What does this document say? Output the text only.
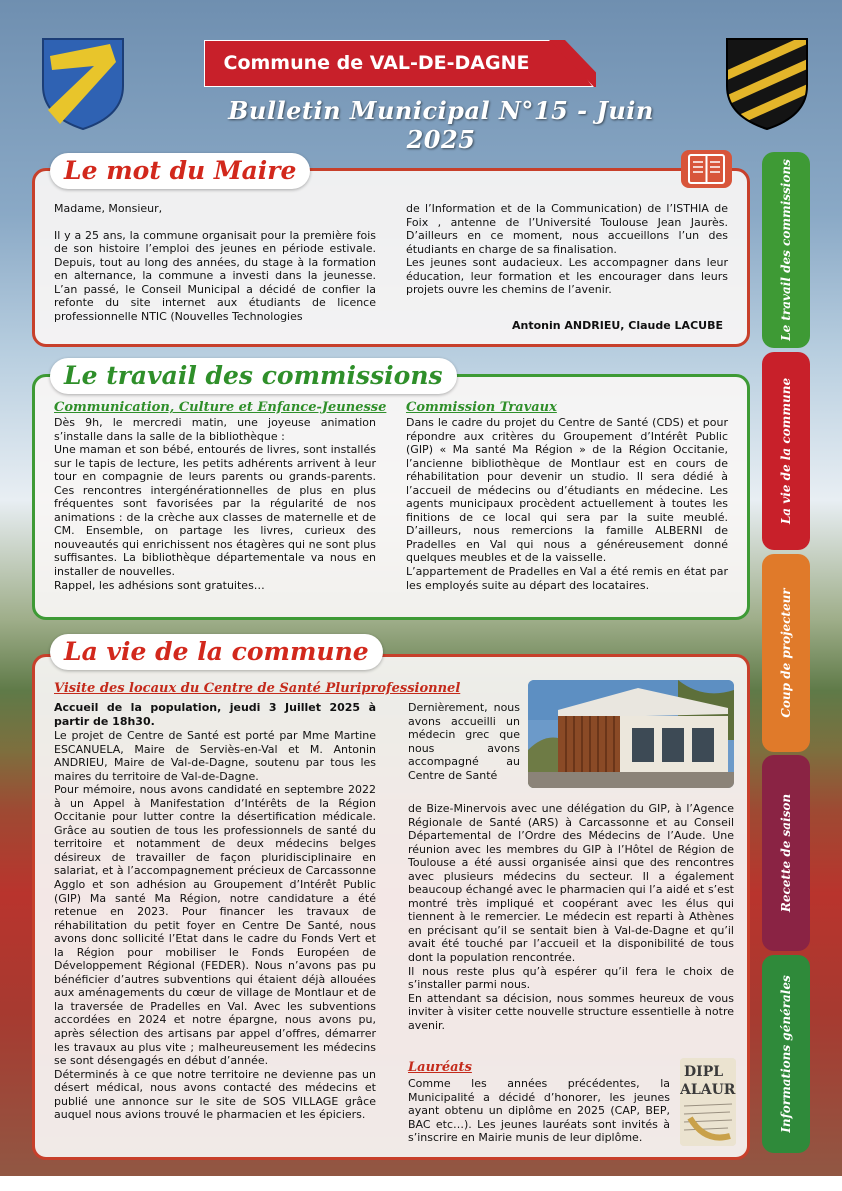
Commune de VAL-DE-DAGNE
Bulletin Municipal N°15 - Juin 2025
Le mot du Maire

Madame, Monsieur,

Il y a 25 ans, la commune organisait pour la première fois de son histoire l’emploi des jeunes en période estivale. Depuis, tout au long des années, du stage à la formation en alternance, la commune a investi dans la jeunesse. L’an passé, le Conseil Municipal a décidé de confier la refonte du site internet aux étudiants de licence professionnelle NTIC (Nouvelles Technologies

de l’Information et de la Communication) de l’ISTHIA de Foix , antenne de l’Université Toulouse Jean Jaurès. D’ailleurs en ce moment, nous accueillons l’un des étudiants en charge de sa finalisation.

Les jeunes sont audacieux. Les accompagner dans leur éducation, leur formation et les encourager dans leurs projets ouvre les chemins de l’avenir.

Antonin ANDRIEU, Claude LACUBE
Le travail des commissions
Communication, Culture et Enfance-Jeunesse

Dès 9h, le mercredi matin, une joyeuse animation s’installe dans la salle de la bibliothèque :

Une maman et son bébé, entourés de livres, sont installés sur le tapis de lecture, les petits adhérents arrivent à leur tour en compagnie de leurs parents ou grands-parents. Ces rencontres intergénérationnelles de plus en plus fréquentes sont favorisées par la régularité de nos animations : de la crèche aux classes de maternelle et de CM. Ensemble, on partage les livres, curieux des nouveautés qui enrichissent nos étagères qui ne sont plus suffisantes. La bibliothèque départementale va nous en installer de nouvelles.

Rappel, les adhésions sont gratuites…

Commission Travaux

Dans le cadre du projet du Centre de Santé (CDS) et pour répondre aux critères du Groupement d’Intérêt Public (GIP) « Ma santé Ma Région » de la Région Occitanie, l’ancienne bibliothèque de Montlaur est en cours de réhabilitation pour devenir un studio. Il sera dédié à l’accueil de médecins ou d’étudiants en médecine. Les agents municipaux procèdent actuellement à toutes les finitions de ce local qui sera par la suite meublé. D’ailleurs, nous remercions la famille ALBERNI de Pradelles en Val qui nous a généreusement donné quelques meubles et de la vaisselle.

L’appartement de Pradelles en Val a été remis en état par les employés suite au départ des locataires.

La vie de la commune
Visite des locaux du Centre de Santé Pluriprofessionnel
Accueil de la population, jeudi 3 Juillet 2025 à partir de 18h30.

Le projet de Centre de Santé est porté par Mme Martine ESCANUELA, Maire de Serviès-en-Val et M. Antonin ANDRIEU, Maire de Val-de-Dagne, soutenu par tous les maires du territoire de Val-de-Dagne.

Pour mémoire, nous avons candidaté en septembre 2022 à un Appel à Manifestation d’Intérêts de la Région Occitanie pour lutter contre la désertification médicale. Grâce au soutien de tous les professionnels de santé du territoire et notamment de deux médecins belges désireux de travailler de façon pluridisciplinaire en salariat, et à l’accompagnement précieux de Carcassonne Agglo et son adhésion au Groupement d’Intérêt Public (GIP) Ma santé Ma Région, notre candidature a été retenue en 2023. Pour financer les travaux de réhabilitation du petit foyer en Centre De Santé, nous avons donc sollicité l’Etat dans le cadre du Fonds Vert et la Région pour mobiliser le Fonds Européen de Développement Régional (FEDER). Nous n’avons pas pu bénéficier d’autres subventions qui étaient déjà allouées aux aménagements du cœur de village de Montlaur et de la traversée de Pradelles en Val. Avec les subventions accordées en 2024 et notre épargne, nous avons pu, après sélection des artisans par appel d’offres, démarrer les travaux au plus vite ; malheureusement les médecins se sont désengagés en début d’année.

Déterminés à ce que notre territoire ne devienne pas un désert médical, nous avons contacté des médecins et publié une annonce sur le site de SOS VILLAGE grâce auquel nous avions trouvé le pharmacien et les épiciers.

Dernièrement, nous avons accueilli un médecin grec que nous avons accompagné au Centre de Santé

de Bize-Minervois avec une délégation du GIP, à l’Agence Régionale de Santé (ARS) à Carcassonne et au Conseil Départemental de l’Ordre des Médecins de l’Aude. Une réunion avec les membres du GIP à l’Hôtel de Région de Toulouse a été aussi organisée ainsi que des rencontres avec plusieurs médecins du secteur. Il a également beaucoup échangé avec le pharmacien qui l’a aidé et s’est montré très impliqué et coopérant avec les élus qui tiennent à le remercier. Le médecin est reparti à Athènes en précisant qu’il se sentait bien à Val-de-Dagne et qu’il avait été touché par l’accueil et la disponibilité de tous dont la population rencontrée.

Il nous reste plus qu’à espérer qu’il fera le choix de s’installer parmi nous.

En attendant sa décision, nous sommes heureux de vous inviter à visiter cette nouvelle structure essentielle à notre avenir.

Lauréats
Comme les années précédentes, la Municipalité a décidé d’honorer, les jeunes ayant obtenu un diplôme en 2025 (CAP, BEP, BAC etc…). Les jeunes lauréats sont invités à s’inscrire en Mairie munis de leur diplôme.
DIPL
ALAUR
Le travail des commissions
La vie de la commune
Coup de projecteur
Recette de saison
Informations générales
